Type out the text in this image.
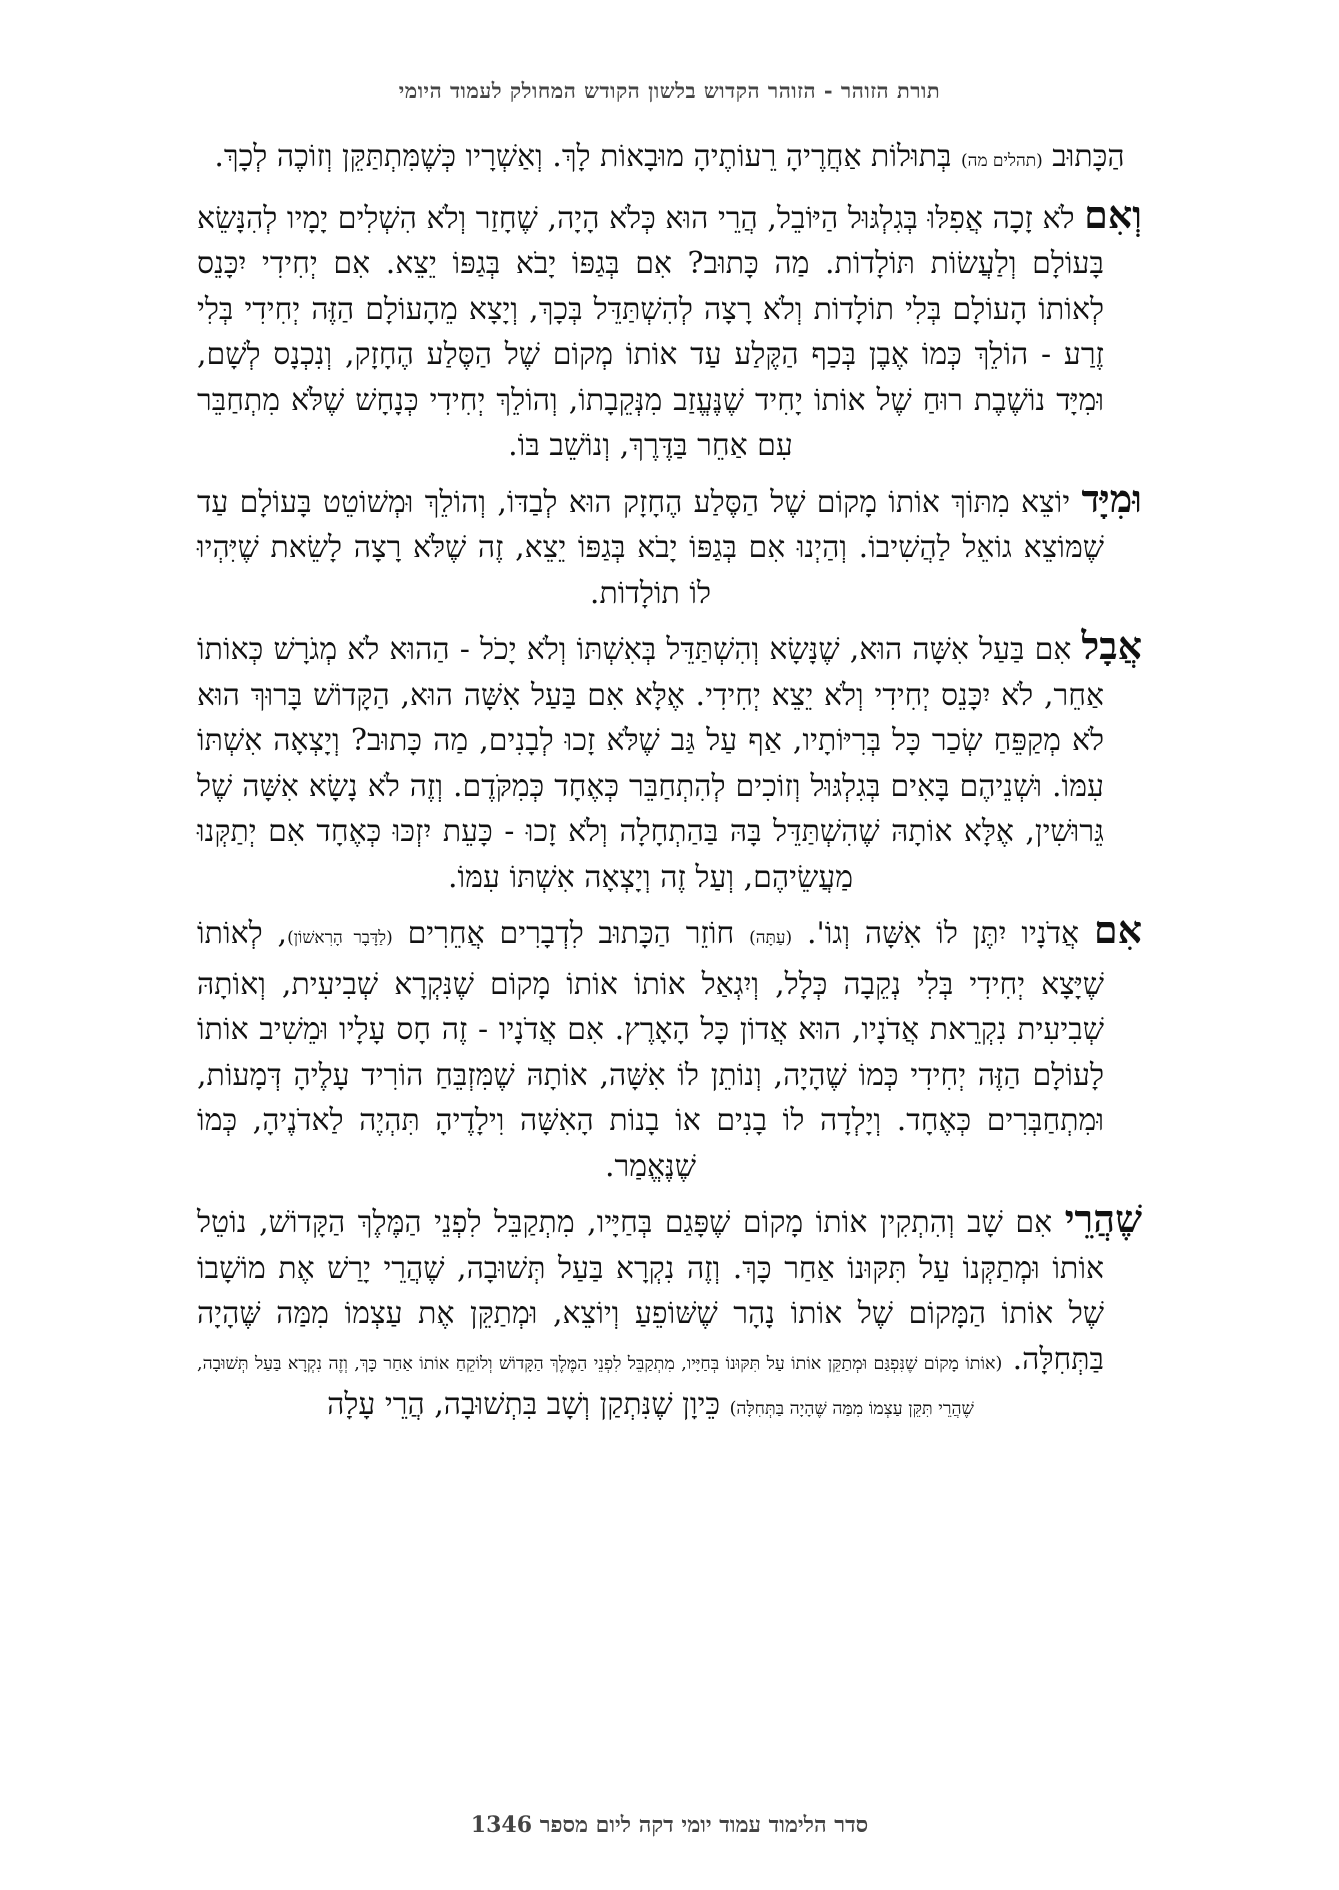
תורת הזוהר - הזוהר הקדוש בלשון הקודש המחולק לעמוד היומי

הַכָּתוּב (תהלים מה) בְּתוּלוֹת אַחֲרֶיהָ רֵעוֹתֶיהָ מוּבָאוֹת לָךְ. וְאַשְׁרָיו כְּשֶׁמִּתְתַּקֵּן וְזוֹכֶה לְכָךְ.

וְאִם לֹא זָכָה אֲפִלּוּ בְּגִלְגּוּל הַיּוֹבֵל, הֲרֵי הוּא כְּלֹא הָיָה, שֶׁחָזַר וְלֹא הִשְׁלִים יָמָיו לְהִנָּשֵׂא בָּעוֹלָם וְלַעֲשׂוֹת תּוֹלָדוֹת. מַה כָּתוּב? אִם בְּגַפּוֹ יָבֹא בְּגַפּוֹ יֵצֵא. אִם יְחִידִי יִכָּנֵס לְאוֹתוֹ הָעוֹלָם בְּלִי תוֹלָדוֹת וְלֹא רָצָה לְהִשְׁתַּדֵּל בְּכָךְ, וְיָצָא מֵהָעוֹלָם הַזֶּה יְחִידִי בְּלִי זֶרַע - הוֹלֵךְ כְּמוֹ אֶבֶן בְּכַף הַקֶּלַע עַד אוֹתוֹ מְקוֹם שֶׁל הַסֶּלַע הֶחָזָק, וְנִכְנָס לְשָׁם, וּמִיָּד נוֹשֶׁבֶת רוּחַ שֶׁל אוֹתוֹ יָחִיד שֶׁנֶּעֱזַב מִנְּקֵבָתוֹ, וְהוֹלֵךְ יְחִידִי כְּנָחָשׁ שֶׁלֹּא מִתְחַבֵּר עִם אַחֵר בַּדֶּרֶךְ, וְנוֹשֵׁב בּוֹ.

וּמִיָּד יוֹצֵא מִתּוֹךְ אוֹתוֹ מָקוֹם שֶׁל הַסֶּלַע הֶחָזָק הוּא לְבַדּוֹ, וְהוֹלֵךְ וּמְשׁוֹטֵט בָּעוֹלָם עַד שֶׁמּוֹצֵא גוֹאֵל לַהֲשִׁיבוֹ. וְהַיְנוּ אִם בְּגַפּוֹ יָבֹא בְּגַפּוֹ יֵצֵא, זֶה שֶׁלֹּא רָצָה לָשֵׂאת שֶׁיִּהְיוּ לוֹ תוֹלָדוֹת.

אֲבָל אִם בַּעַל אִשָּׁה הוּא, שֶׁנָּשָׂא וְהִשְׁתַּדֵּל בְּאִשְׁתּוֹ וְלֹא יָכֹל - הַהוּא לֹא מְגֹרָשׁ כְּאוֹתוֹ אַחֵר, לֹא יִכָּנֵס יְחִידִי וְלֹא יֵצֵא יְחִידִי. אֶלָּא אִם בַּעַל אִשָּׁה הוּא, הַקָּדוֹשׁ בָּרוּךְ הוּא לֹא מְקַפֵּחַ שְׂכַר כָּל בְּרִיּוֹתָיו, אַף עַל גַּב שֶׁלֹּא זָכוּ לְבָנִים, מַה כָּתוּב? וְיָצְאָה אִשְׁתּוֹ עִמּוֹ. וּשְׁנֵיהֶם בָּאִים בְּגִלְגּוּל וְזוֹכִים לְהִתְחַבֵּר כְּאֶחָד כְּמִקֹּדֶם. וְזֶה לֹא נָשָׂא אִשָּׁה שֶׁל גֵּרוּשִׁין, אֶלָּא אוֹתָהּ שֶׁהִשְׁתַּדֵּל בָּהּ בַּהַתְחָלָה וְלֹא זָכוּ - כָּעֵת יִזְכּוּ כְּאֶחָד אִם יְתַקְּנוּ מַעֲשֵׂיהֶם, וְעַל זֶה וְיָצְאָה אִשְׁתּוֹ עִמּוֹ.

אִם אֲדֹנָיו יִתֶּן לוֹ אִשָּׁה וְגוֹ'. (עַתָּה) חוֹזֵר הַכָּתוּב לִדְבָרִים אֲחֵרִים (לַדָּבָר הָרִאשׁוֹן), לְאוֹתוֹ שֶׁיָּצָא יְחִידִי בְּלִי נְקֵבָה כְּלָל, וְיִגְאַל אוֹתוֹ אוֹתוֹ מָקוֹם שֶׁנִּקְרָא שְׁבִיעִית, וְאוֹתָהּ שְׁבִיעִית נִקְרֵאת אֲדֹנָיו, הוּא אֲדוֹן כָּל הָאָרֶץ. אִם אֲדֹנָיו - זֶה חָס עָלָיו וּמֵשִׁיב אוֹתוֹ לָעוֹלָם הַזֶּה יְחִידִי כְּמוֹ שֶׁהָיָה, וְנוֹתֵן לוֹ אִשָּׁה, אוֹתָהּ שֶׁמִּזְבֵּחַ הוֹרִיד עָלֶיהָ דְּמָעוֹת, וּמִתְחַבְּרִים כְּאֶחָד. וְיָלְדָה לוֹ בָנִים אוֹ בָנוֹת הָאִשָּׁה וִילָדֶיהָ תִּהְיֶה לַאדֹנֶיהָ, כְּמוֹ שֶׁנֶּאֱמַר.

שֶׁהֲרֵי אִם שָׁב וְהִתְקִין אוֹתוֹ מָקוֹם שֶׁפָּגַם בְּחַיָּיו, מִתְקַבֵּל לִפְנֵי הַמֶּלֶךְ הַקָּדוֹשׁ, נוֹטֵל אוֹתוֹ וּמְתַקְּנוֹ עַל תִּקּוּנוֹ אַחַר כָּךְ. וְזֶה נִקְרָא בַּעַל תְּשׁוּבָה, שֶׁהֲרֵי יָרַשׁ אֶת מוֹשָׁבוֹ שֶׁל אוֹתוֹ הַמָּקוֹם שֶׁל אוֹתוֹ נָהָר שֶׁשּׁוֹפֵעַ וְיוֹצֵא, וּמְתַקֵּן אֶת עַצְמוֹ מִמַּה שֶּׁהָיָה בַּתְּחִלָּה. (אוֹתוֹ מָקוֹם שֶׁנִּפְגַּם וּמְתַקֵּן אוֹתוֹ עַל תִּקּוּנוֹ בְּחַיָּיו, מִתְקַבֵּל לִפְנֵי הַמֶּלֶךְ הַקָּדוֹשׁ וְלוֹקֵחַ אוֹתוֹ אַחַר כָּךְ, וְזֶה נִקְרָא בַּעַל תְּשׁוּבָה, שֶׁהֲרֵי תִּקֵּן עַצְמוֹ מִמַּה שֶּׁהָיָה בַּתְּחִלָּה) כֵּיוָן שֶׁנִּתְקַן וְשָׁב בִּתְשׁוּבָה, הֲרֵי עָלָה

סדר הלימוד עמוד יומי דקה ליום מספר 1346
